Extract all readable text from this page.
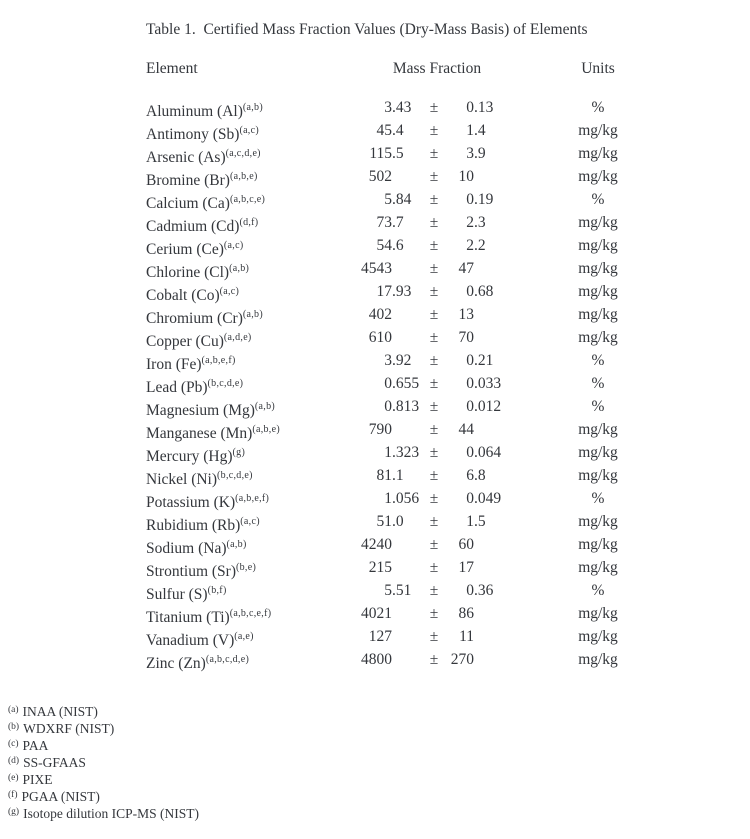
Table 1.  Certified Mass Fraction Values (Dry-Mass Basis) of Elements
Element	Mass Fraction	Units
Aluminum $(Al)^{(a,b)}$	3 .43	±	0 .13	%
Antimony $(Sb)^{(a,c)}$	45 .4	±	1 .4	mg/kg
Arsenic $(As)^{(a,c,d,e)}$	115 .5	±	3 .9	mg/kg
Bromine $(Br)^{(a,b,e)}$	502	±	10	mg/kg
Calcium $(Ca)^{(a,b,c,e)}$	5 .84	±	0 .19	%
Cadmium $(Cd)^{(d,f)}$	73 .7	±	2 .3	mg/kg
Cerium $(Ce)^{(a,c)}$	54 .6	±	2 .2	mg/kg
Chlorine $(Cl)^{(a,b)}$	4543	±	47	mg/kg
Cobalt $(Co)^{(a,c)}$	17 .93	±	0 .68	mg/kg
Chromium $(Cr)^{(a,b)}$	402	±	13	mg/kg
Copper $(Cu)^{(a,d,e)}$	610	±	70	mg/kg
Iron $(Fe)^{(a,b,e,f)}$	3 .92	±	0 .21	%
Lead $(Pb)^{(b,c,d,e)}$	0 .655 ±	0 .033	%
Magnesium $(Mg)^{(a,b)}$	0 .813 ±	0 .012	%
Manganese $(Mn)^{(a,b,e)}$	790	±	44	mg/kg
Mercury $(Hg)^{(g)}$	1 .323 ±	0 .064	mg/kg
Nickel $(Ni)^{(b,c,d,e)}$	81 .1	±	6 .8	mg/kg
Potassium $(K)^{(a,b,e,f)}$	1 .056 ±	0 .049	%
Rubidium $(Rb)^{(a,c)}$	51 .0	±	1 .5	mg/kg
Sodium $(Na)^{(a,b)}$	4240	±	60	mg/kg
Strontium $(Sr)^{(b,e)}$	215	±	17	mg/kg
Sulfur $(S)^{(b,f)}$	5 .51	±	0 .36	%
Titanium $(Ti)^{(a,b,c,e,f)}$	4021	±	86	mg/kg
Vanadium $(V)^{(a,e)}$	127	±	11	mg/kg
Zinc $(Zn)^{(a,b,c,d,e)}$	4800	± 270	mg/kg
$^{(a)}$ INAA (NIST)
$^{(b)}$ WDXRF (NIST)
$^{(c)}$ PAA
$^{(d)}$ SS-GFAAS
$^{(e)}$ PIXE
$^{(f)}$ PGAA (NIST)
$^{(g)}$ Isotope dilution ICP-MS (NIST)
